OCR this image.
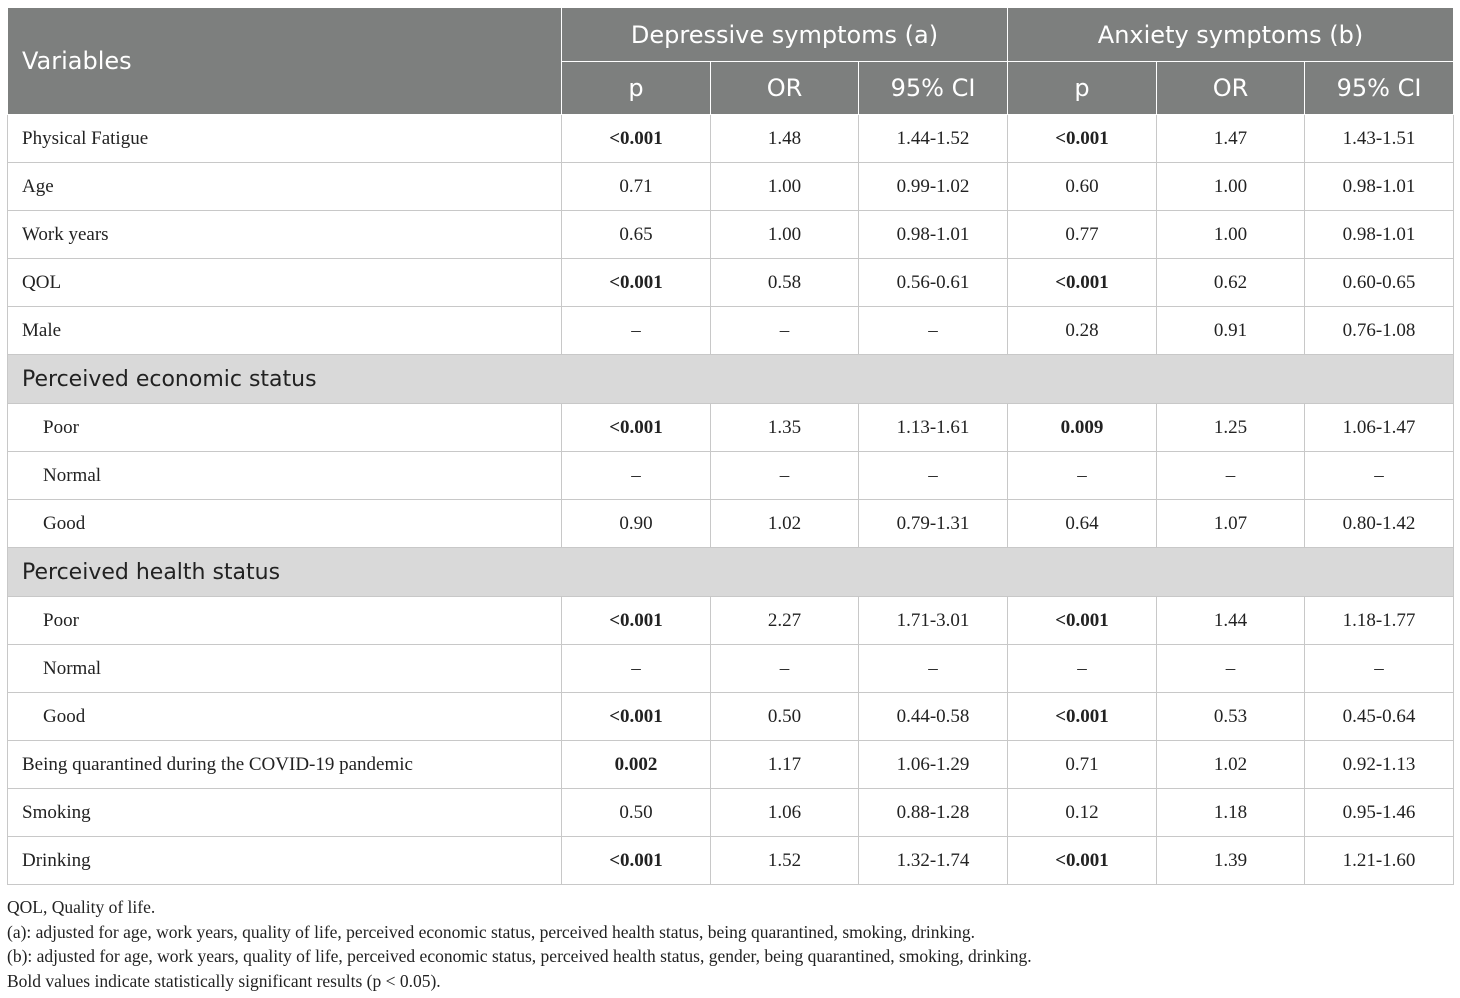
Variables	Depressive symptoms (a)			Anxiety symptoms (b)		
	p	OR	95% CI	p	OR	95% CI
Physical Fatigue	<0.001	1.48	1.44-1.52	<0.001	1.47	1.43-1.51
Age	0.71	1.00	0.99-1.02	0.60	1.00	0.98-1.01
Work years	0.65	1.00	0.98-1.01	0.77	1.00	0.98-1.01
QOL	<0.001	0.58	0.56-0.61	<0.001	0.62	0.60-0.65
Male	–	–	–	0.28	0.91	0.76-1.08
Perceived economic status						
Poor	<0.001	1.35	1.13-1.61	0.009	1.25	1.06-1.47
Normal	–	–	–	–	–	–
Good	0.90	1.02	0.79-1.31	0.64	1.07	0.80-1.42
Perceived health status						
Poor	<0.001	2.27	1.71-3.01	<0.001	1.44	1.18-1.77
Normal	–	–	–	–	–	–
Good	<0.001	0.50	0.44-0.58	<0.001	0.53	0.45-0.64
Being quarantined during the COVID-19 pandemic	0.002	1.17	1.06-1.29	0.71	1.02	0.92-1.13
Smoking	0.50	1.06	0.88-1.28	0.12	1.18	0.95-1.46
Drinking	<0.001	1.52	1.32-1.74	<0.001	1.39	1.21-1.60
QOL, Quality of life.
(a): adjusted for age, work years, quality of life, perceived economic status, perceived health status, being quarantined, smoking, drinking.
(b): adjusted for age, work years, quality of life, perceived economic status, perceived health status, gender, being quarantined, smoking, drinking.
Bold values indicate statistically significant results (p < 0.05).
